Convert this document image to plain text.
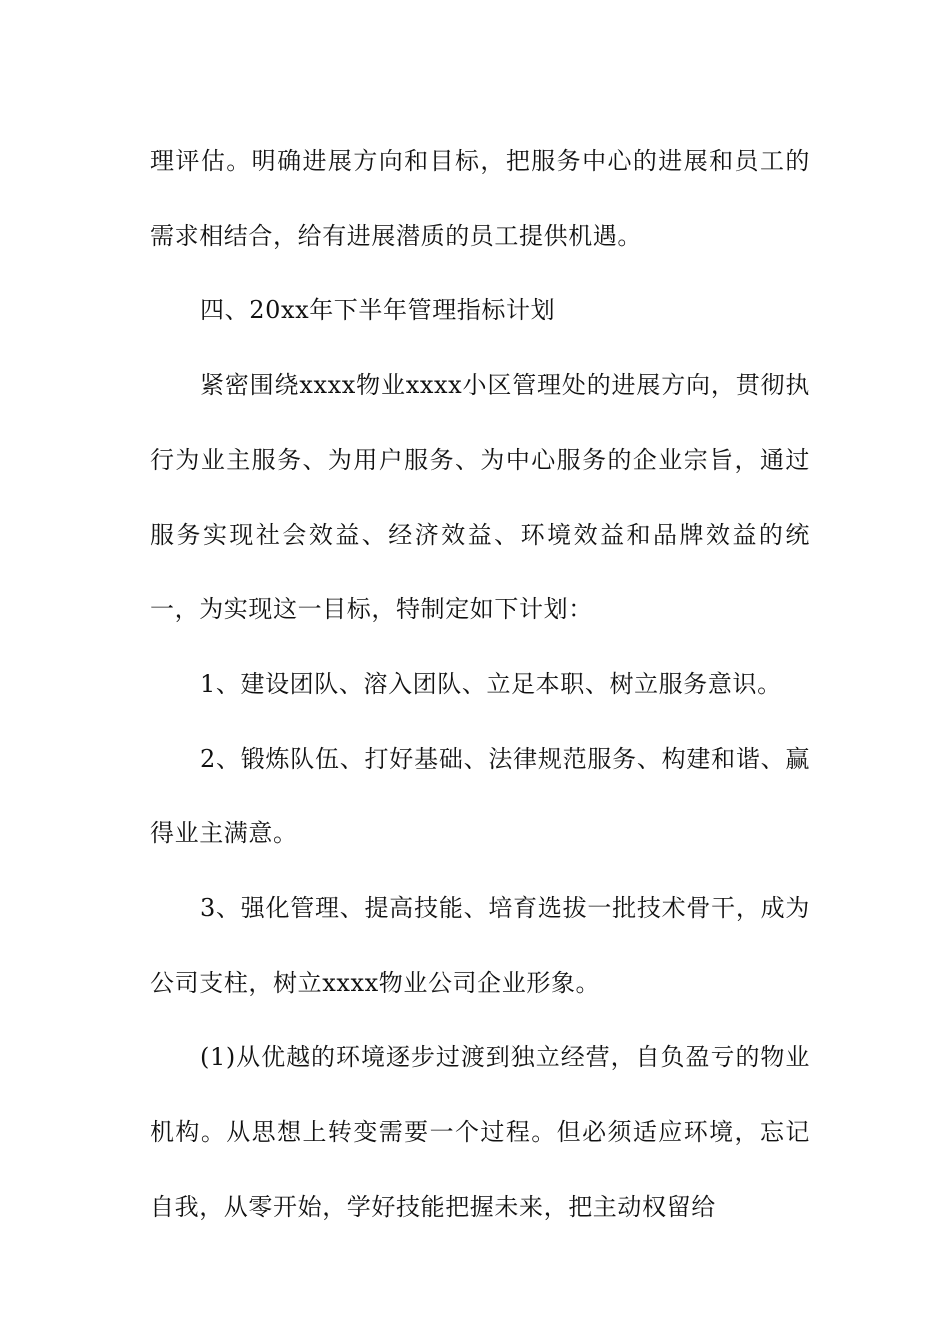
理评估。明确进展方向和目标，把服务中心的进展和员工的需求相结合，给有进展潜质的员工提供机遇。

四、20xx年下半年管理指标计划

紧密围绕xxxx物业xxxx小区管理处的进展方向，贯彻执行为业主服务、为用户服务、为中心服务的企业宗旨，通过服务实现社会效益、经济效益、环境效益和品牌效益的统一，为实现这一目标，特制定如下计划：

1、建设团队、溶入团队、立足本职、树立服务意识。

2、锻炼队伍、打好基础、法律规范服务、构建和谐、赢得业主满意。

3、强化管理、提高技能、培育选拔一批技术骨干，成为公司支柱，树立xxxx物业公司企业形象。

(1)从优越的环境逐步过渡到独立经营，自负盈亏的物业机构。从思想上转变需要一个过程。但必须适应环境，忘记自我，从零开始，学好技能把握未来，把主动权留给
